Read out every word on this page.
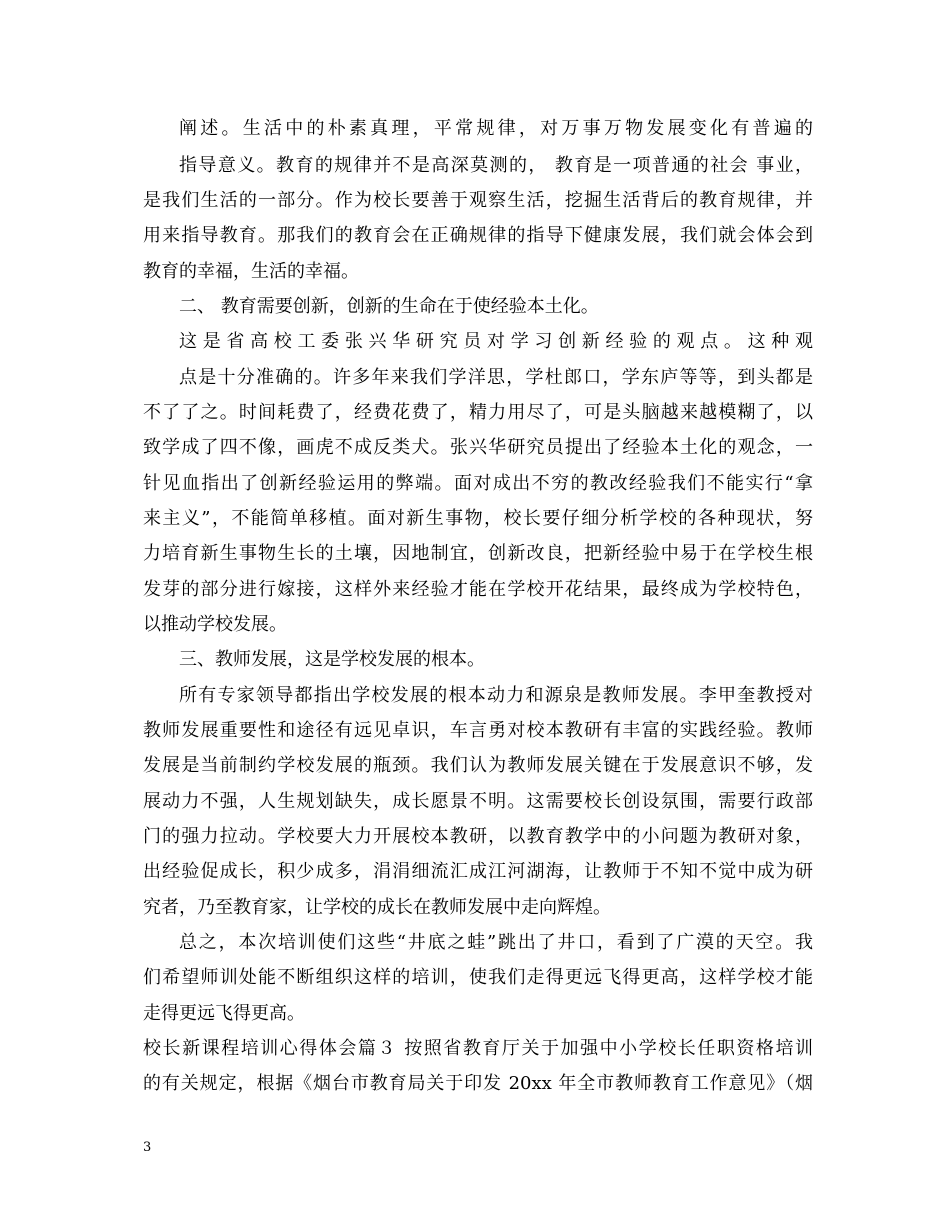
阐述。生活中的朴素真理，平常规律，对万事万物发展变化有普遍的
指导意义。教育的规律并不是高深莫测的， 教育是一项普通的社会 事业，
是我们生活的一部分。作为校长要善于观察生活，挖掘生活背后的教育规律，并
用来指导教育。那我们的教育会在正确规律的指导下健康发展，我们就会体会到
教育的幸福，生活的幸福。
二、 教育需要创新，创新的生命在于使经验本土化。
这是省高校工委张兴华研究员对学习创新经验的观点。这种观
点是十分准确的。许多年来我们学洋思，学杜郎口，学东庐等等，到头都是
不了了之。时间耗费了，经费花费了，精力用尽了，可是头脑越来越模糊了，以
致学成了四不像，画虎不成反类犬。张兴华研究员提出了经验本土化的观念，一
针见血指出了创新经验运用的弊端。面对成出不穷的教改经验我们不能实行“拿
来主义”，不能简单移植。面对新生事物，校长要仔细分析学校的各种现状，努
力培育新生事物生长的土壤，因地制宜，创新改良，把新经验中易于在学校生根
发芽的部分进行嫁接，这样外来经验才能在学校开花结果，最终成为学校特色，
以推动学校发展。
三、教师发展，这是学校发展的根本。
所有专家领导都指出学校发展的根本动力和源泉是教师发展。李甲奎教授对
教师发展重要性和途径有远见卓识，车言勇对校本教研有丰富的实践经验。教师
发展是当前制约学校发展的瓶颈。我们认为教师发展关键在于发展意识不够，发
展动力不强，人生规划缺失，成长愿景不明。这需要校长创设氛围，需要行政部
门的强力拉动。学校要大力开展校本教研，以教育教学中的小问题为教研对象，
出经验促成长，积少成多，涓涓细流汇成江河湖海，让教师于不知不觉中成为研
究者，乃至教育家，让学校的成长在教师发展中走向辉煌。
总之，本次培训使们这些“井底之蛙”跳出了井口，看到了广漠的天空。我
们希望师训处能不断组织这样的培训，使我们走得更远飞得更高，这样学校才能
走得更远飞得更高。
校长新课程培训心得体会篇３ 按照省教育厅关于加强中小学校长任职资格培训
的有关规定，根据《烟台市教育局关于印发 20xx 年全市教师教育工作意见》（烟
3
